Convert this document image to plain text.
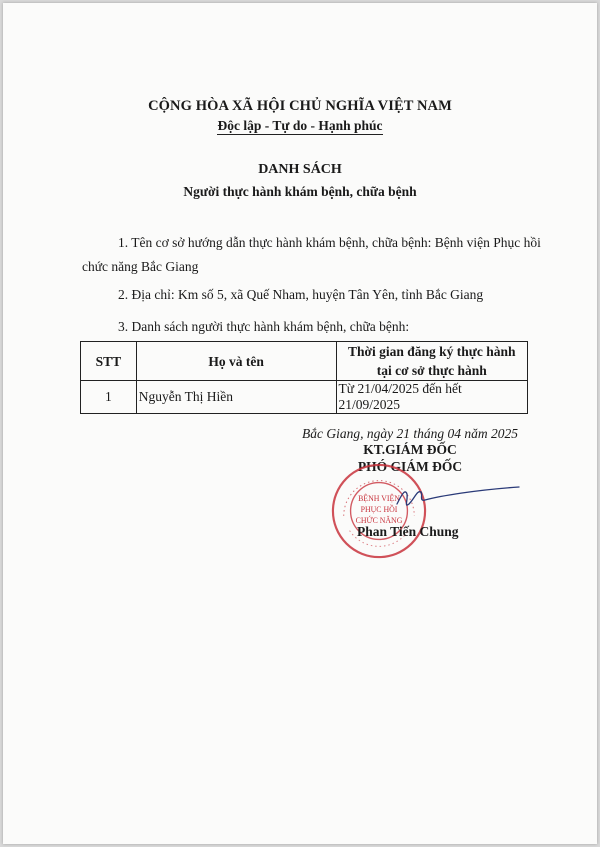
CỘNG HÒA XÃ HỘI CHỦ NGHĨA VIỆT NAM
Độc lập - Tự do - Hạnh phúc
DANH SÁCH
Người thực hành khám bệnh, chữa bệnh
1. Tên cơ sở hướng dẫn thực hành khám bệnh, chữa bệnh: Bệnh viện Phục hồi chức năng Bắc Giang
2. Địa chỉ: Km số 5, xã Quế Nham, huyện Tân Yên, tỉnh Bắc Giang
3. Danh sách người thực hành khám bệnh, chữa bệnh:
STT	Họ và tên	Thời gian đăng ký thực hành tại cơ sở thực hành
1	Nguyễn Thị Hiền	Từ 21/04/2025 đến hết 21/09/2025
Bắc Giang, ngày 21 tháng 04 năm 2025
KT.GIÁM ĐỐC
PHÓ GIÁM ĐỐC
BỆNH VIỆN
PHỤC HỒI
CHỨC NĂNG
Phan Tiến Chung
